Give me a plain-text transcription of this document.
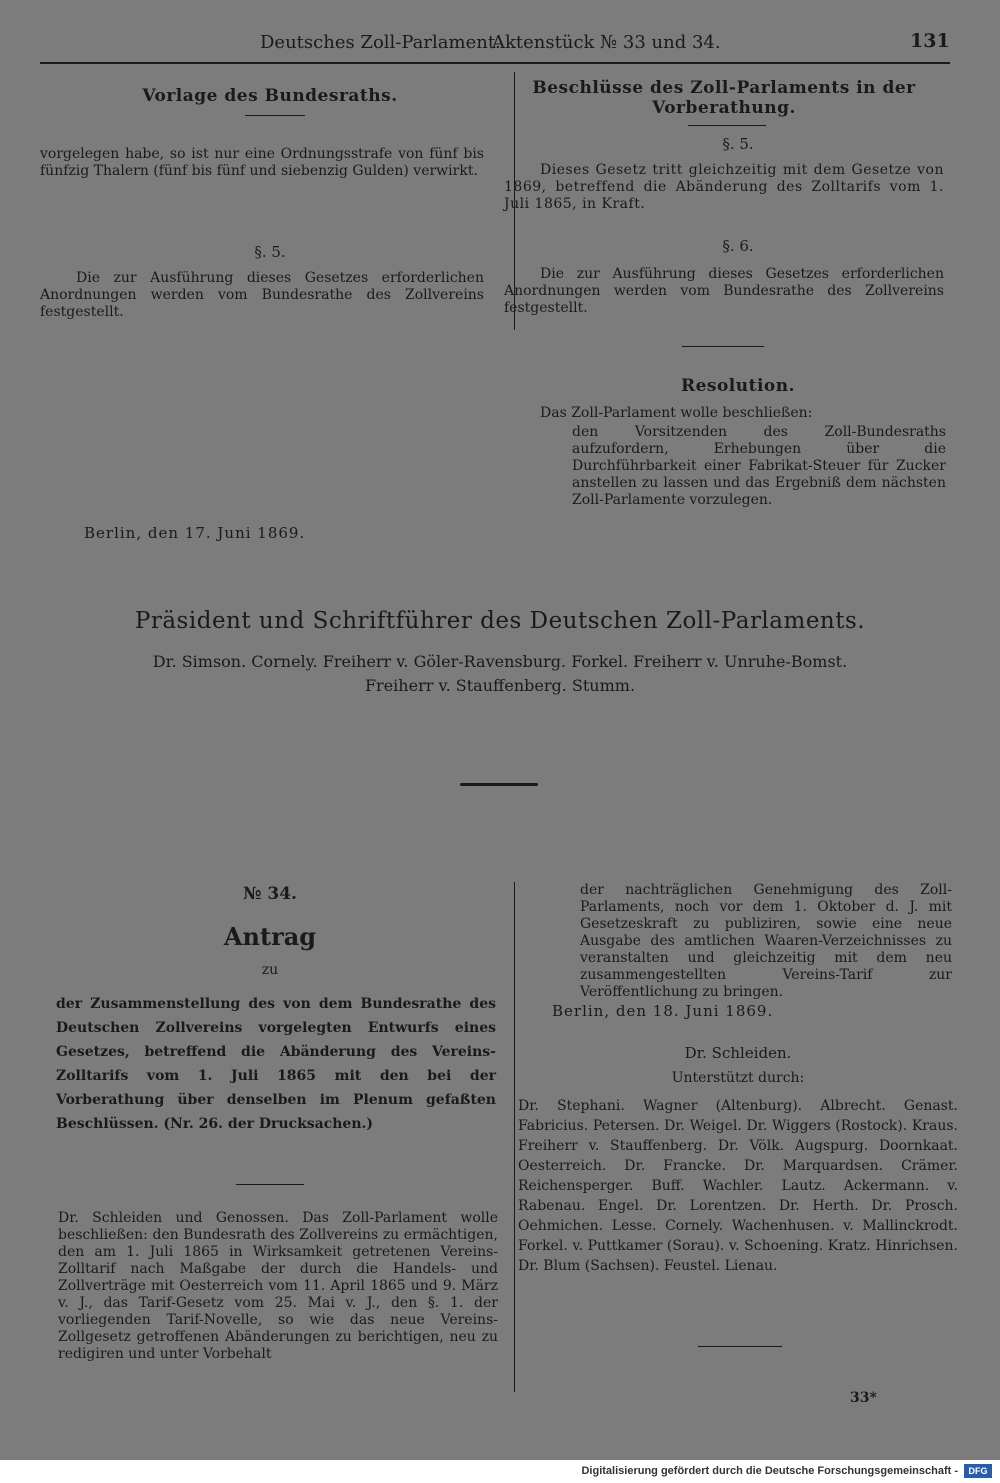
Deutsches Zoll-Parlament.
Aktenstück № 33 und 34.	131
Vorlage des Bundesraths.
vorgelegen habe, so ist nur eine Ordnungsstrafe von fünf bis fünfzig Thalern (fünf bis fünf und siebenzig Gulden) verwirkt.
§. 5.
Die zur Ausführung dieses Gesetzes erforderlichen Anordnungen werden vom Bundesrathe des Zollvereins festgestellt.
Berlin, den 17. Juni 1869.
Beschlüsse des Zoll-Parlaments in der Vorberathung.
§. 5.
Dieses Gesetz tritt gleichzeitig mit dem Gesetze von 1869, betreffend die Abänderung des Zolltarifs vom 1. Juli 1865, in Kraft.
§. 6.
Die zur Ausführung dieses Gesetzes erforderlichen Anordnungen werden vom Bundesrathe des Zollvereins festgestellt.
Resolution.
Das Zoll-Parlament wolle beschließen:
den Vorsitzenden des Zoll-Bundesraths aufzufordern, Erhebungen über die Durchführbarkeit einer Fabrikat-Steuer für Zucker anstellen zu lassen und das Ergebniß dem nächsten Zoll-Parlamente vorzulegen.
Präsident und Schriftführer des Deutschen Zoll-Parlaments.
Dr. Simson. Cornely. Freiherr v. Göler-Ravensburg. Forkel. Freiherr v. Unruhe-Bomst.
Freiherr v. Stauffenberg. Stumm.
№ 34.
Antrag
zu
der Zusammenstellung des von dem Bundesrathe des Deutschen Zollvereins vorgelegten Entwurfs eines Gesetzes, betreffend die Abänderung des Vereins-Zolltarifs vom 1. Juli 1865 mit den bei der Vorberathung über denselben im Plenum gefaßten Beschlüssen. (Nr. 26. der Drucksachen.)
Dr. Schleiden und Genossen. Das Zoll-Parlament wolle beschließen: den Bundesrath des Zollvereins zu ermächtigen, den am 1. Juli 1865 in Wirksamkeit getretenen Vereins-Zolltarif nach Maßgabe der durch die Handels- und Zollverträge mit Oesterreich vom 11. April 1865 und 9. März v. J., das Tarif-Gesetz vom 25. Mai v. J., den §. 1. der vorliegenden Tarif-Novelle, so wie das neue Vereins-Zollgesetz getroffenen Abänderungen zu berichtigen, neu zu redigiren und unter Vorbehalt
der nachträglichen Genehmigung des Zoll-Parlaments, noch vor dem 1. Oktober d. J. mit Gesetzeskraft zu publiziren, sowie eine neue Ausgabe des amtlichen Waaren-Verzeichnisses zu veranstalten und gleichzeitig mit dem neu zusammengestellten Vereins-Tarif zur Veröffentlichung zu bringen.
Berlin, den 18. Juni 1869.
Dr. Schleiden.
Unterstützt durch:
Dr. Stephani. Wagner (Altenburg). Albrecht. Genast. Fabricius. Petersen. Dr. Weigel. Dr. Wiggers (Rostock). Kraus. Freiherr v. Stauffenberg. Dr. Völk. Augspurg. Doornkaat. Oesterreich. Dr. Francke. Dr. Marquardsen. Crämer. Reichensperger. Buff. Wachler. Lautz. Ackermann. v. Rabenau. Engel. Dr. Lorentzen. Dr. Herth. Dr. Prosch. Oehmichen. Lesse. Cornely. Wachenhusen. v. Mallinckrodt. Forkel. v. Puttkamer (Sorau). v. Schoening. Kratz. Hinrichsen. Dr. Blum (Sachsen). Feustel. Lienau.
33*
Digitalisierung gefördert durch die Deutsche Forschungsgemeinschaft -	DFG
